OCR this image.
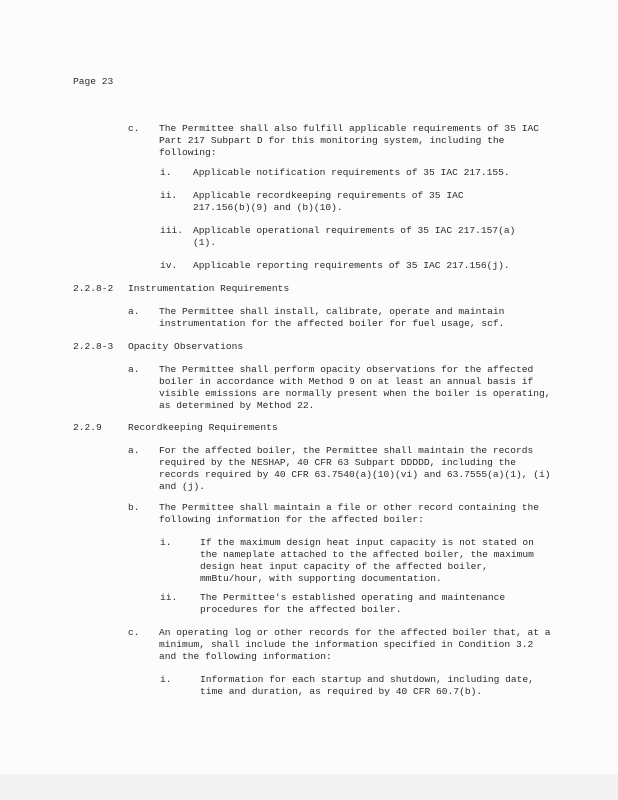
Page 23

c. The Permittee shall also fulfill applicable requirements of 35 IAC Part 217 Subpart D for this monitoring system, including the following:

i. Applicable notification requirements of 35 IAC 217.155.

ii. Applicable recordkeeping requirements of 35 IAC 217.156(b)(9) and (b)(10).

iii. Applicable operational requirements of 35 IAC 217.157(a)(1).

iv. Applicable reporting requirements of 35 IAC 217.156(j).

2.2.8-2 Instrumentation Requirements

a. The Permittee shall install, calibrate, operate and maintain instrumentation for the affected boiler for fuel usage, scf.

2.2.8-3 Opacity Observations

a. The Permittee shall perform opacity observations for the affected boiler in accordance with Method 9 on at least an annual basis if visible emissions are normally present when the boiler is operating, as determined by Method 22.

2.2.9	Recordkeeping Requirements

a. For the affected boiler, the Permittee shall maintain the records required by the NESHAP, 40 CFR 63 Subpart DDDDD, including the records required by 40 CFR 63.7540(a)(10)(vi) and 63.7555(a)(1), (i) and (j).

b. The Permittee shall maintain a file or other record containing the following information for the affected boiler:

i.	If the maximum design heat input capacity is not stated on the nameplate attached to the affected boiler, the maximum design heat input capacity of the affected boiler, mmBtu/hour, with supporting documentation.

ii. The Permittee's established operating and maintenance procedures for the affected boiler.

c. An operating log or other records for the affected boiler that, at a minimum, shall include the information specified in Condition 3.2 and the following information:

i.	Information for each startup and shutdown, including date, time and duration, as required by 40 CFR 60.7(b).
